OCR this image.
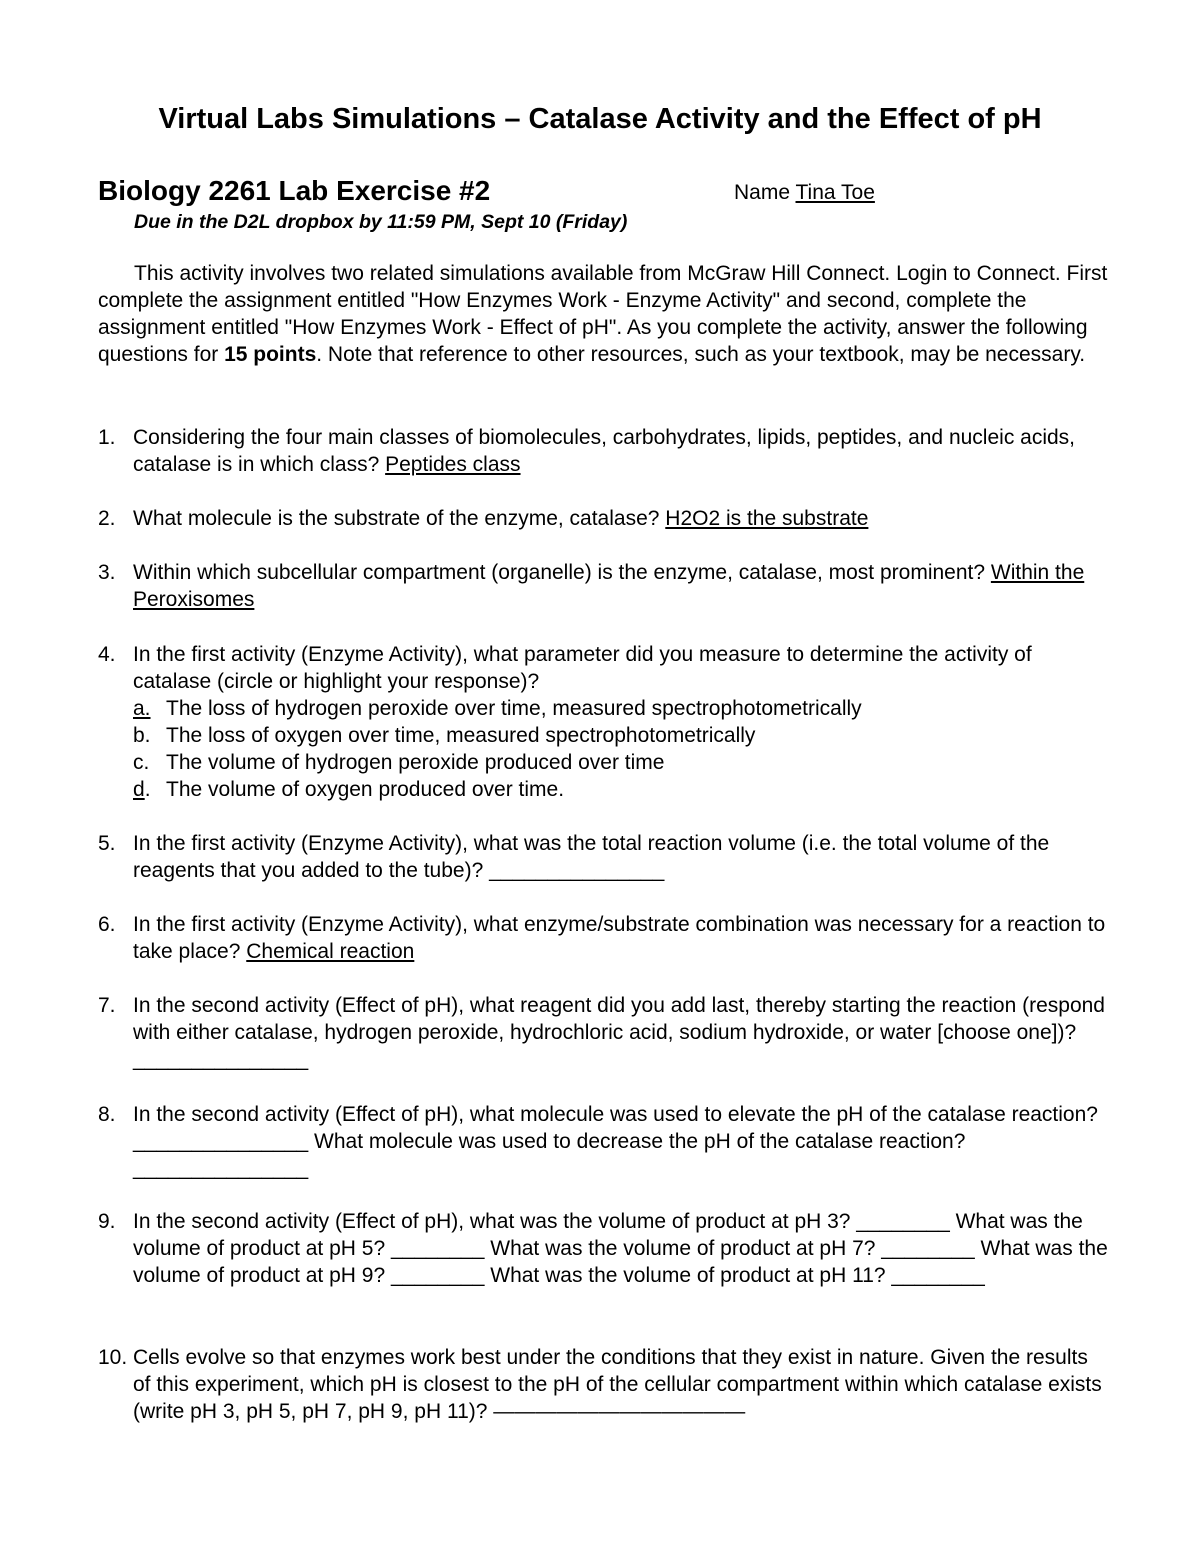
Virtual Labs Simulations – Catalase Activity and the Effect of pH
Biology 2261 Lab Exercise #2	Name Tina Toe
Due in the D2L dropbox by 11:59 PM, Sept 10 (Friday)
This activity involves two related simulations available from McGraw Hill Connect. Login to Connect. First complete the assignment entitled "How Enzymes Work - Enzyme Activity" and second, complete the assignment entitled "How Enzymes Work - Effect of pH". As you complete the activity, answer the following questions for 15 points. Note that reference to other resources, such as your textbook, may be necessary.
1. Considering the four main classes of biomolecules, carbohydrates, lipids, peptides, and nucleic acids, catalase is in which class? Peptides class
2. What molecule is the substrate of the enzyme, catalase? H2O2 is the substrate
3. Within which subcellular compartment (organelle) is the enzyme, catalase, most prominent? Within the Peroxisomes
4. In the first activity (Enzyme Activity), what parameter did you measure to determine the activity of catalase (circle or highlight your response)?
a. The loss of hydrogen peroxide over time, measured spectrophotometrically
b. The loss of oxygen over time, measured spectrophotometrically
c. The volume of hydrogen peroxide produced over time
d. The volume of oxygen produced over time.
5. In the first activity (Enzyme Activity), what was the total reaction volume (i.e. the total volume of the reagents that you added to the tube)? _______________
6. In the first activity (Enzyme Activity), what enzyme/substrate combination was necessary for a reaction to take place? Chemical reaction
7. In the second activity (Effect of pH), what reagent did you add last, thereby starting the reaction (respond with either catalase, hydrogen peroxide, hydrochloric acid, sodium hydroxide, or water [choose one])? _______________
8. In the second activity (Effect of pH), what molecule was used to elevate the pH of the catalase reaction? _______________ What molecule was used to decrease the pH of the catalase reaction? _______________
9. In the second activity (Effect of pH), what was the volume of product at pH 3? ________ What was the volume of product at pH 5? ________ What was the volume of product at pH 7? ________ What was the volume of product at pH 9? ________ What was the volume of product at pH 11? ________
10. Cells evolve so that enzymes work best under the conditions that they exist in nature. Given the results of this experiment, which pH is closest to the pH of the cellular compartment within which catalase exists (write pH 3, pH 5, pH 7, pH 9, pH 11)? ————————————
